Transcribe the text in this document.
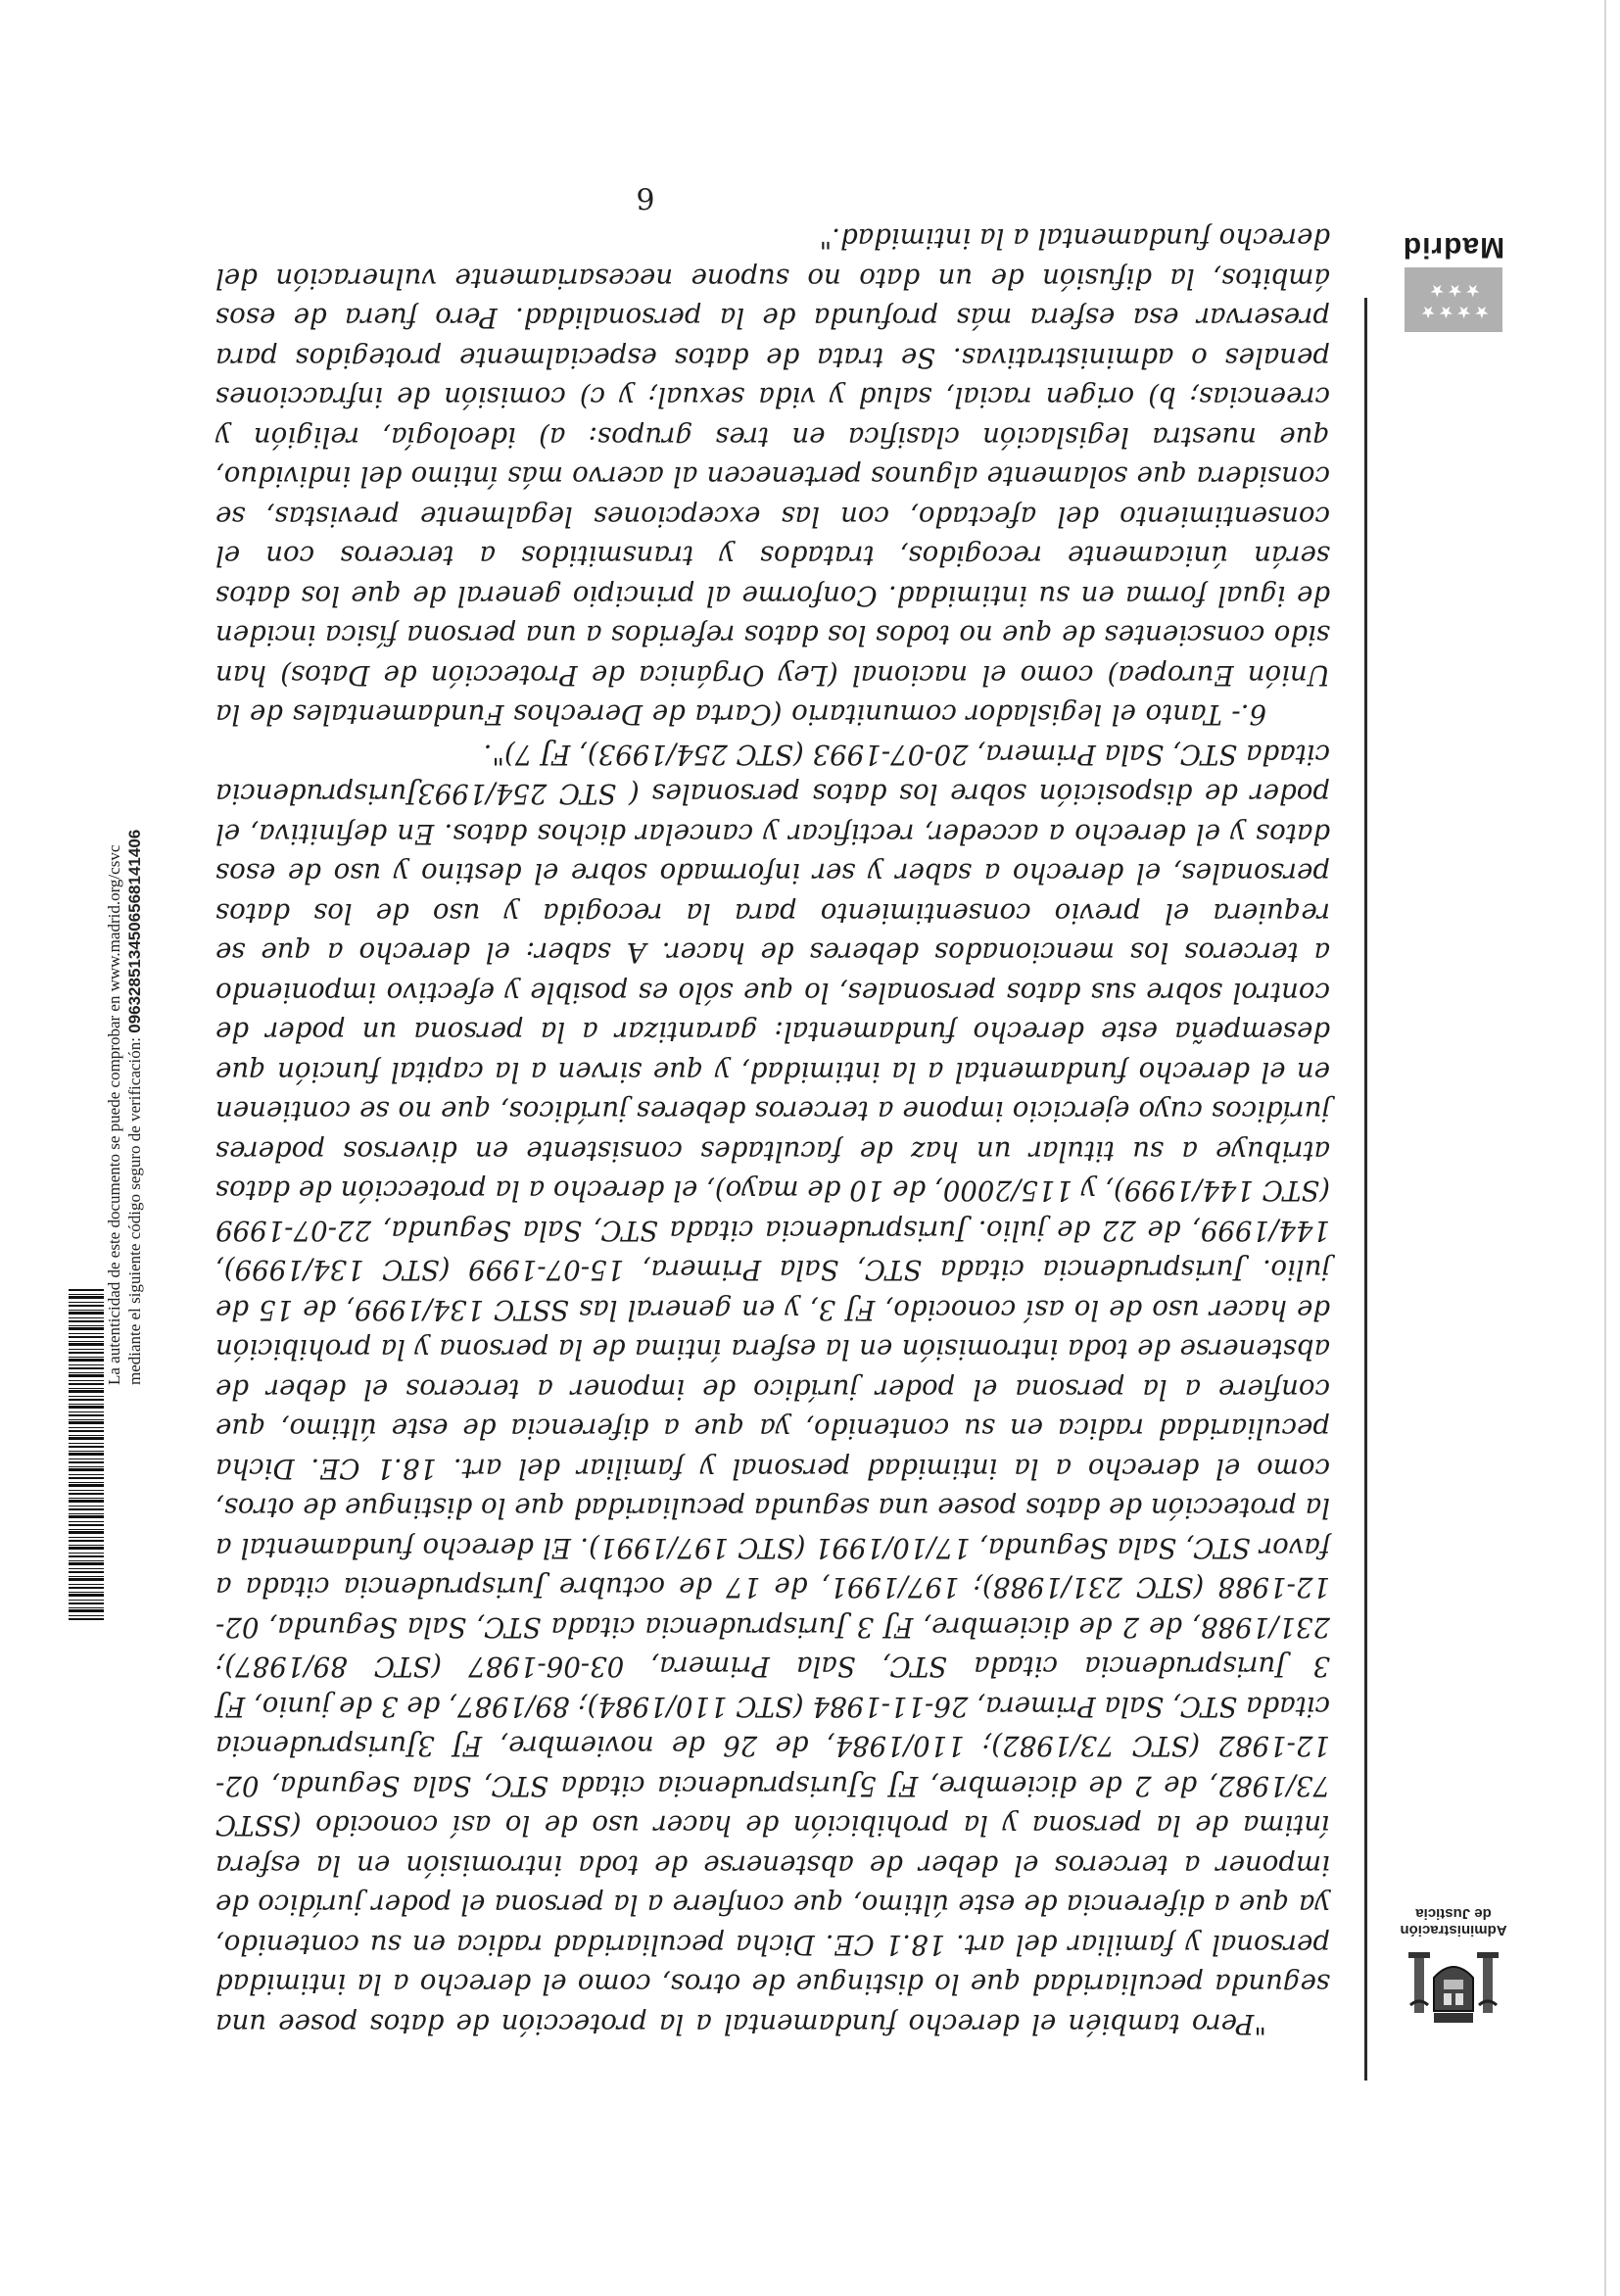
Administración
de Justicia

"Pero también el derecho fundamental a la protección de datos posee una segunda peculiaridad que lo distingue de otros, como el derecho a la intimidad personal y familiar del art. 18.1 CE. Dicha peculiaridad radica en su contenido, ya que a diferencia de este último, que confiere a la persona el poder jurídico de imponer a terceros el deber de abstenerse de toda intromisión en la esfera íntima de la persona y la prohibición de hacer uso de lo así conocido (SSTC 73/1982, de 2 de diciembre, FJ 5Jurisprudencia citada STC, Sala Segunda, 02-12-1982 (STC 73/1982); 110/1984, de 26 de noviembre, FJ 3Jurisprudencia citada STC, Sala Primera, 26-11-1984 (STC 110/1984); 89/1987, de 3 de junio, FJ 3 Jurisprudencia citada STC, Sala Primera, 03-06-1987 (STC 89/1987); 231/1988, de 2 de diciembre, FJ 3 Jurisprudencia citada STC, Sala Segunda, 02-12-1988 (STC 231/1988); 197/1991, de 17 de octubre Jurisprudencia citada a favor STC, Sala Segunda, 17/10/1991 (STC 197/1991). El derecho fundamental a la protección de datos posee una segunda peculiaridad que lo distingue de otros, como el derecho a la intimidad personal y familiar del art. 18.1 CE. Dicha peculiaridad radica en su contenido, ya que a diferencia de este último, que confiere a la persona el poder jurídico de imponer a terceros el deber de abstenerse de toda intromisión en la esfera íntima de la persona y la prohibición de hacer uso de lo así conocido, FJ 3, y en general las SSTC 134/1999, de 15 de julio. Jurisprudencia citada STC, Sala Primera, 15-07-1999 (STC 134/1999), 144/1999, de 22 de julio. Jurisprudencia citada STC, Sala Segunda, 22-07-1999 (STC 144/1999), y 115/2000, de 10 de mayo), el derecho a la protección de datos atribuye a su titular un haz de facultades consistente en diversos poderes jurídicos cuyo ejercicio impone a terceros deberes jurídicos, que no se contienen en el derecho fundamental a la intimidad, y que sirven a la capital función que desempeña este derecho fundamental: garantizar a la persona un poder de control sobre sus datos personales, lo que sólo es posible y efectivo imponiendo a terceros los mencionados deberes de hacer. A saber: el derecho a que se requiera el previo consentimiento para la recogida y uso de los datos personales, el derecho a saber y ser informado sobre el destino y uso de esos datos y el derecho a acceder, rectificar y cancelar dichos datos. En definitiva, el poder de disposición sobre los datos personales ( STC 254/1993Jurisprudencia citada STC, Sala Primera, 20-07-1993 (STC 254/1993), FJ 7)".

6.- Tanto el legislador comunitario (Carta de Derechos Fundamentales de la Unión Europea) como el nacional (Ley Orgánica de Protección de Datos) han sido conscientes de que no todos los datos referidos a una persona física inciden de igual forma en su intimidad. Conforme al principio general de que los datos serán únicamente recogidos, tratados y transmitidos a terceros con el consentimiento del afectado, con las excepciones legalmente previstas, se considera que solamente algunos pertenecen al acervo más íntimo del individuo, que nuestra legislación clasifica en tres grupos: a) ideología, religión y creencias; b) origen racial, salud y vida sexual; y c) comisión de infracciones penales o administrativas. Se trata de datos especialmente protegidos para preservar esa esfera más profunda de la personalidad. Pero fuera de esos ámbitos, la difusión de un dato no supone necesariamente vulneración del derecho fundamental a la intimidad."

★★★★
★★★
Madrid
6
La autenticidad de este documento se puede comprobar en www.madrid.org/csvc mediante el siguiente código seguro de verificación: 0963285134506568141406
